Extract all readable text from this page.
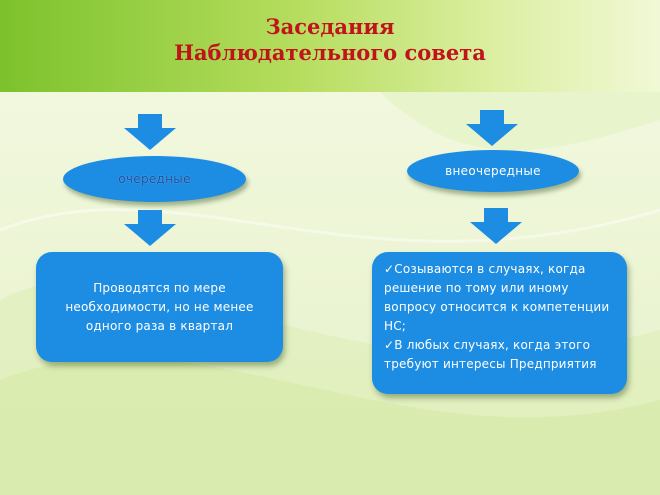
Заседания
Наблюдательного совета
очередные
внеочередные
Проводятся по мере необходимости, но не менее одного раза в квартал

✓Созываются в случаях, когда решение по тому или иному вопросу относится к компетенции НС;

✓В любых случаях, когда этого требуют интересы Предприятия
